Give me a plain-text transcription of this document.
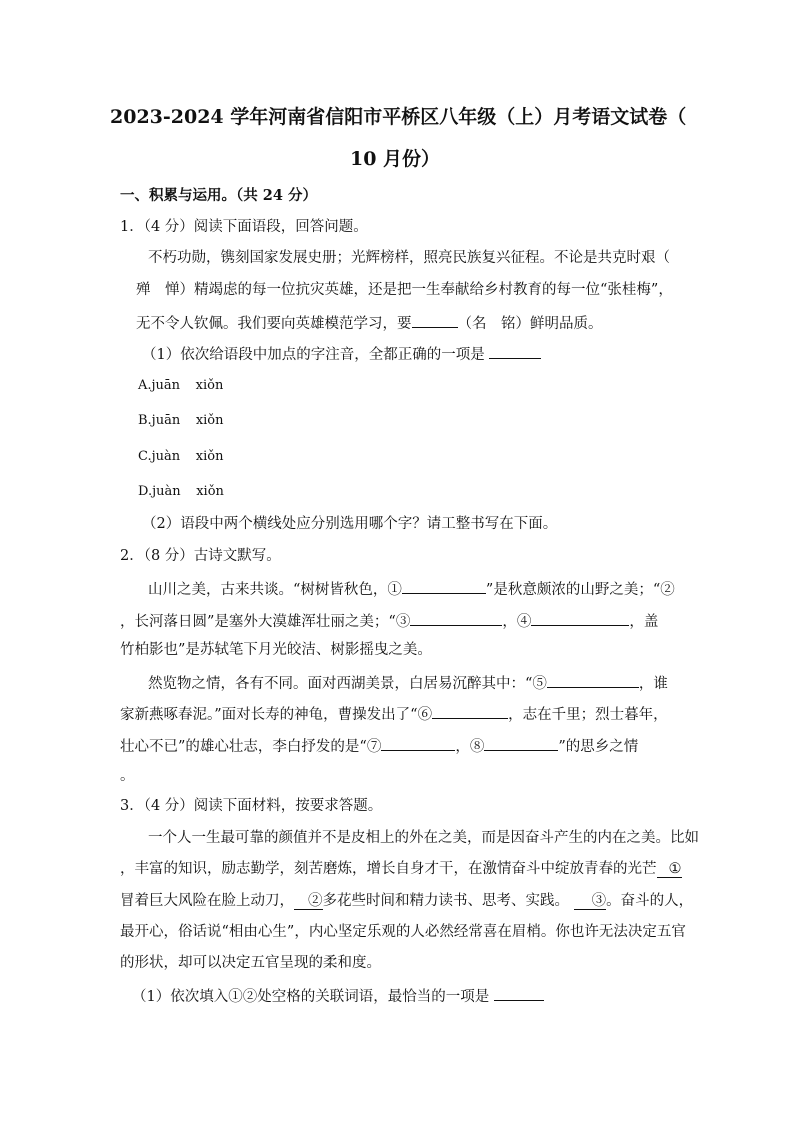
2023-2024 学年河南省信阳市平桥区八年级（上）月考语文试卷（
10 月份）
一、积累与运用。（共 24 分）
1．（4 分）阅读下面语段，回答问题。
不朽功勋，镌刻国家发展史册；光辉榜样，照亮民族复兴征程。不论是共克时艰（
殚　惮）精竭虑的每一位抗灾英雄，还是把一生奉献给乡村教育的每一位“张桂梅”，
无不令人钦佩。我们要向英雄模范学习，要	（名　铭）鲜明品质。
（1）依次给语段中加点的字注音，全都正确的一项是
A.juān xiǒn
B.juān xiǒn
C.juàn xiǒn
D.juàn xiǒn
（2）语段中两个横线处应分别选用哪个字？请工整书写在下面。
2．（8 分）古诗文默写。
山川之美，古来共谈。“树树皆秋色，①	”是秋意颇浓的山野之美；“②
，长河落日圆”是塞外大漠雄浑壮丽之美；“③	，④	，盖
竹柏影也”是苏轼笔下月光皎洁、树影摇曳之美。
然览物之情，各有不同。面对西湖美景，白居易沉醉其中：“⑤	，谁
家新燕啄春泥。”面对长寿的神龟，曹操发出了“⑥	，志在千里；烈士暮年，
壮心不已”的雄心壮志，李白抒发的是“⑦	，⑧	”的思乡之情
。
3．（4 分）阅读下面材料，按要求答题。
一个人一生最可靠的颜值并不是皮相上的外在之美，而是因奋斗产生的内在之美。比如
，丰富的知识，励志勤学，刻苦磨炼，增长自身才干，在激情奋斗中绽放青春的光芒 ①
冒着巨大风险在脸上动刀， ②多花些时间和精力读书、思考、实践。 ③。奋斗的人，
最开心，俗话说“相由心生”，内心坚定乐观的人必然经常喜在眉梢。你也许无法决定五官
的形状，却可以决定五官呈现的柔和度。
（1）依次填入①②处空格的关联词语，最恰当的一项是
